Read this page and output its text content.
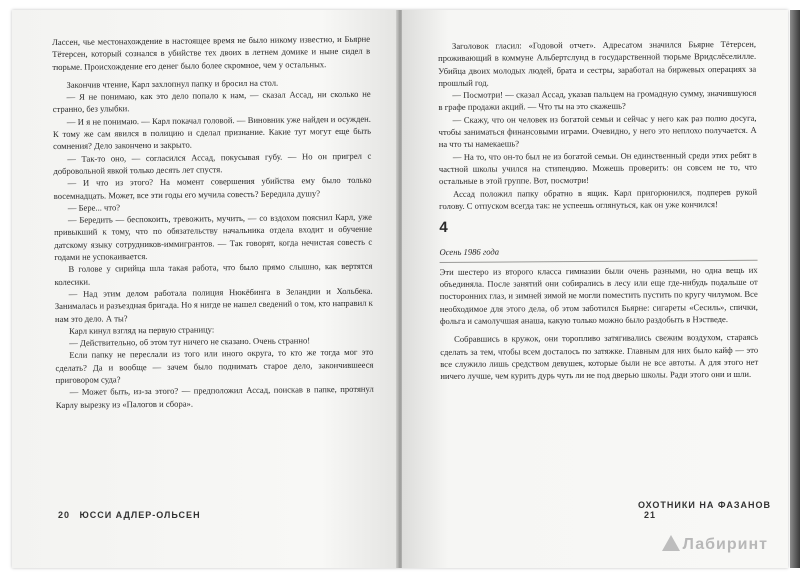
Лассен, чье местонахождение в настоящее время не было никому известно, и Бьярне Тётерсен, который сознался в убийстве тех двоих в летнем домике и ныне сидел в тюрьме. Происхождение его денег было более скромное, чем у остальных.

Закончив чтение, Карл захлопнул папку и бросил на стол.

— Я не понимаю, как это дело попало к нам, — сказал Ассад, ни сколько не странно, без улыбки.

— И я не понимаю. — Карл покачал головой. — Виновник уже найден и осужден. К тому же сам явился в полицию и сделал признание. Какие тут могут еще быть сомнения? Дело закончено и закрыто.

— Так-то оно, — согласился Ассад, покусывая губу. — Но он пригрел с добровольной явкой только десять лет спустя.

— И что из этого? На момент совершения убийства ему было только восемнадцать. Может, все эти годы его мучила совесть? Бередила душу?

— Бере... что?

— Бередить — беспокоить, тревожить, мучить, — со вздохом пояснил Карл, уже привыкший к тому, что по обязательству начальника отдела входит и обучение датскому языку сотрудников-иммигрантов. — Так говорят, когда нечистая совесть с годами не успокаивается.

В голове у сирийца шла такая работа, что было прямо слышно, как вертятся колесики.

— Над этим делом работала полиция Нюкёбинга в Зеландии и Хольбека. Занималась и разъездная бригада. Но я нигде не нашел сведений о том, кто направил к нам это дело. А ты?

Карл кинул взгляд на первую страницу:

— Действительно, об этом тут ничего не сказано. Очень странно!

Если папку не переслали из того или иного округа, то кто же тогда мог это сделать? Да и вообще — зачем было поднимать старое дело, закончившееся приговором суда?

— Может быть, из-за этого? — предположил Ассад, поискав в папке, протянул Карлу вырезку из «Палогов и сбора».

20 ЮССИ АДЛЕР-ОЛЬСЕН

Заголовок гласил: «Годовой отчет». Адресатом значился Бьярне Тётерсен, проживающий в коммуне Альбертслунд в государственной тюрьме Вридслёселилле. Убийца двоих молодых людей, брата и сестры, заработал на биржевых операциях за прошлый год.

— Посмотри! — сказал Ассад, указав пальцем на громадную сумму, значившуюся в графе продажи акций. — Что ты на это скажешь?

— Скажу, что он человек из богатой семьи и сейчас у него как раз полно досуга, чтобы заниматься финансовыми играми. Очевидно, у него это неплохо получается. А на что ты намекаешь?

— На то, что он-то был не из богатой семьи. Он единственный среди этих ребят в частной школы учился на стипендию. Можешь проверить: он совсем не то, что остальные в этой группе. Вот, посмотри!

Ассад положил папку обратно в ящик. Карл пригорюнился, подперев рукой голову. С отпуском всегда так: не успеешь оглянуться, как он уже кончился!

4

Осень 1986 года

Эти шестеро из второго класса гимназии были очень разными, но одна вещь их объединяла. После занятий они собирались в лесу или еще где-нибудь подальше от посторонних глаз, и зимней зимой не могли поместить пустить по кругу чилумом. Все необходимое для этого дела, об этом заботился Бьярне: сигареты «Сесиль», спички, фольга и самолучшая анаша, какую только можно было раздобыть в Нэстведе.

Собравшись в кружок, они торопливо затягивались свежим воздухом, стараясь сделать за тем, чтобы всем досталось по затяжке. Главным для них было кайф — это все служило лишь средством девушек, которые были не все автоты. А для этого нет ничего лучше, чем курить дурь чуть ли не под дверью школы. Ради этого они и шли.

ОХОТНИКИ НА ФАЗАНОВ 21
Лабиринт
